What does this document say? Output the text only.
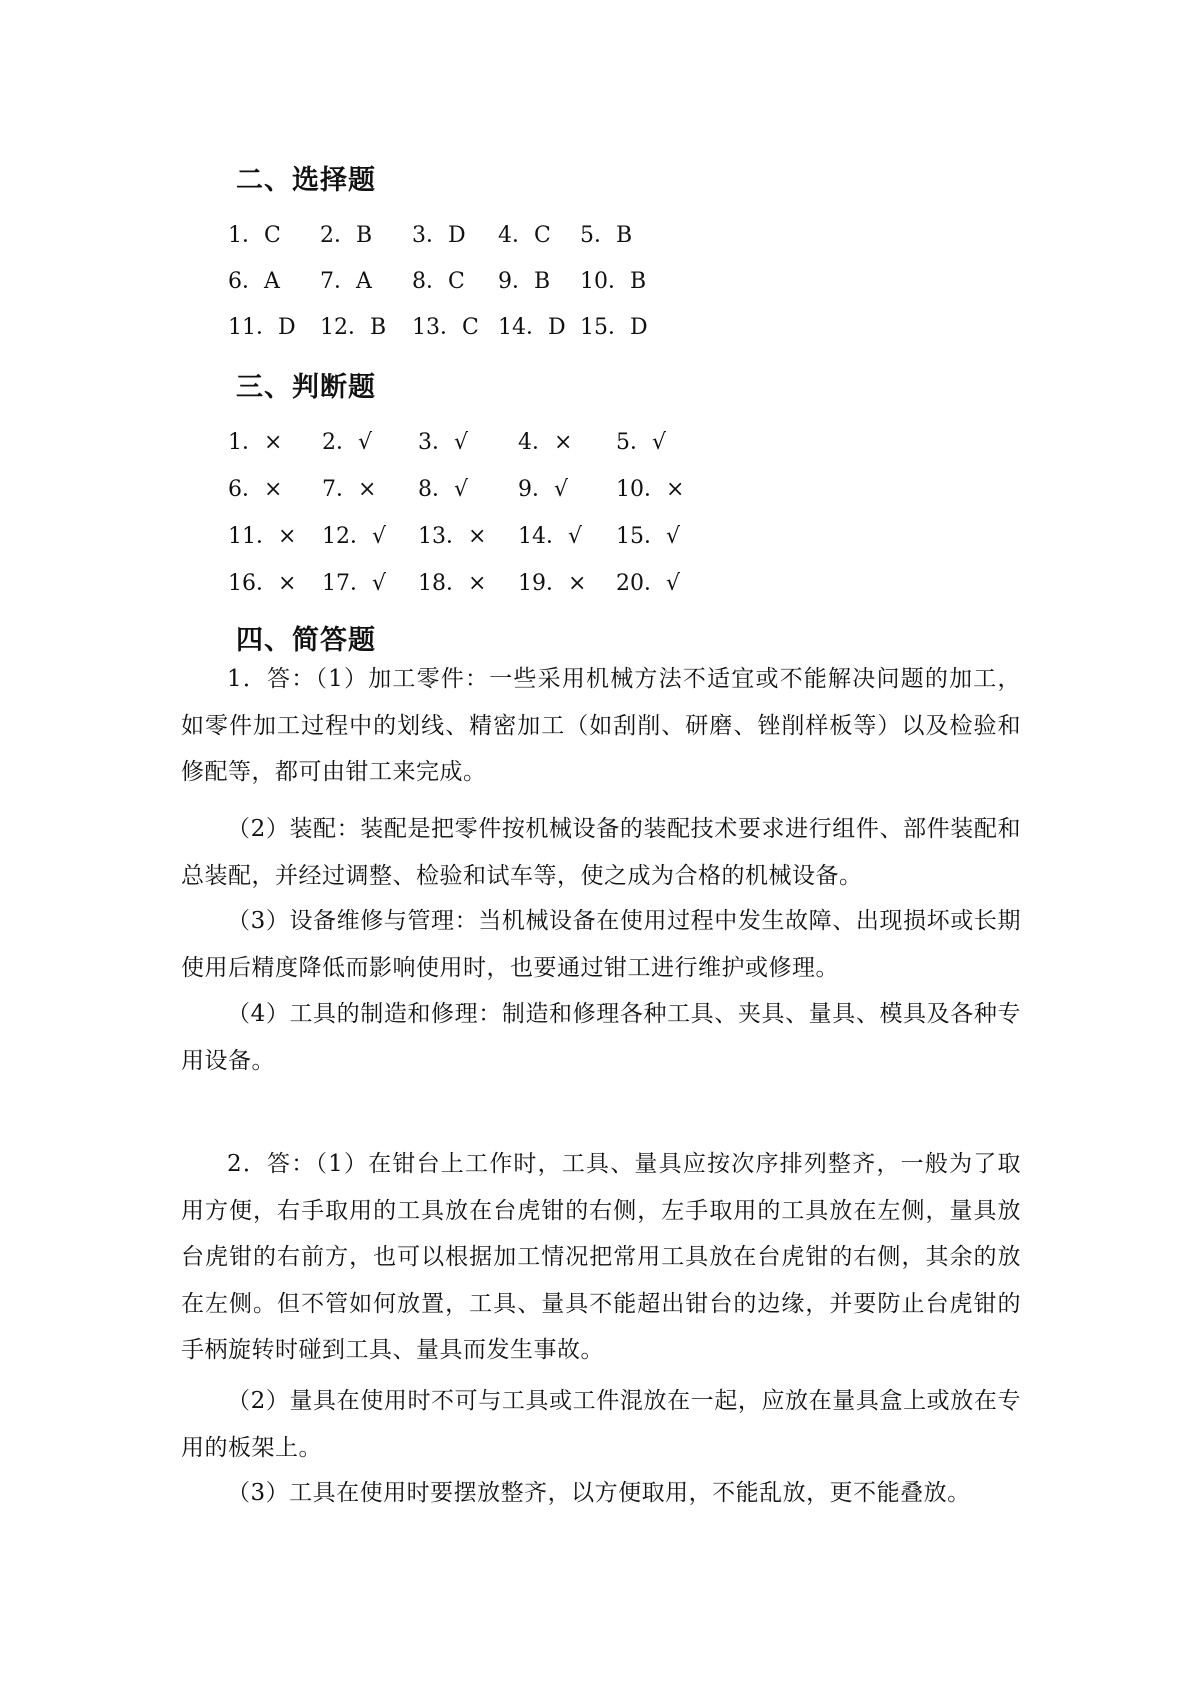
二、选择题
1．C 2．B 3．D 4．C 5．B
6．A 7．A 8．C 9．B 10．B
11．D 12．B 13．C 14．D 15．D
三、判断题
1．× 2．√ 3．√ 4．× 5．√
6．× 7．× 8．√ 9．√ 10．×
11．× 12．√ 13．× 14．√ 15．√
16．× 17．√ 18．× 19．× 20．√
四、简答题

1．答：（1）加工零件：一些采用机械方法不适宜或不能解决问题的加工，如零件加工过程中的划线、精密加工（如刮削、研磨、锉削样板等）以及检验和修配等，都可由钳工来完成。

（2）装配：装配是把零件按机械设备的装配技术要求进行组件、部件装配和总装配，并经过调整、检验和试车等，使之成为合格的机械设备。

（3）设备维修与管理：当机械设备在使用过程中发生故障、出现损坏或长期使用后精度降低而影响使用时，也要通过钳工进行维护或修理。

（4）工具的制造和修理：制造和修理各种工具、夹具、量具、模具及各种专用设备。

2．答：（1）在钳台上工作时，工具、量具应按次序排列整齐，一般为了取用方便，右手取用的工具放在台虎钳的右侧，左手取用的工具放在左侧，量具放台虎钳的右前方，也可以根据加工情况把常用工具放在台虎钳的右侧，其余的放在左侧。但不管如何放置，工具、量具不能超出钳台的边缘，并要防止台虎钳的手柄旋转时碰到工具、量具而发生事故。

（2）量具在使用时不可与工具或工件混放在一起，应放在量具盒上或放在专用的板架上。

（3）工具在使用时要摆放整齐，以方便取用，不能乱放，更不能叠放。
